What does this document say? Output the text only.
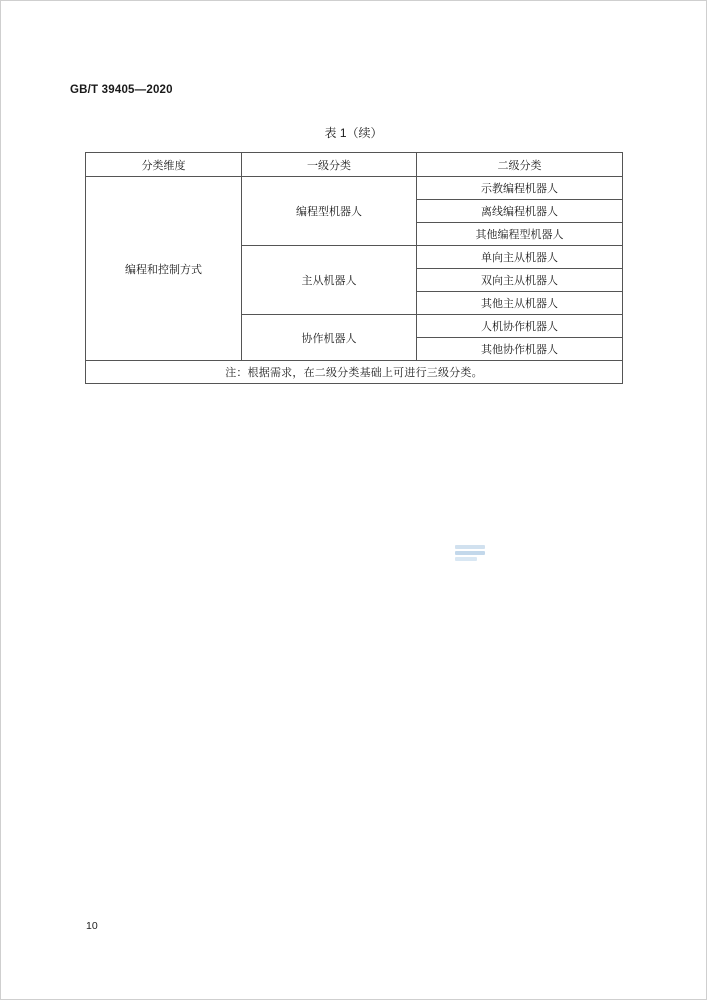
GB/T 39405—2020
表 1（续）
分类维度	一级分类	二级分类
编程和控制方式	编程型机器人	示教编程机器人
		离线编程机器人
		其他编程型机器人
	主从机器人	单向主从机器人
		双向主从机器人
		其他主从机器人
	协作机器人	人机协作机器人
		其他协作机器人
注：根据需求，在二级分类基础上可进行三级分类。		
10
